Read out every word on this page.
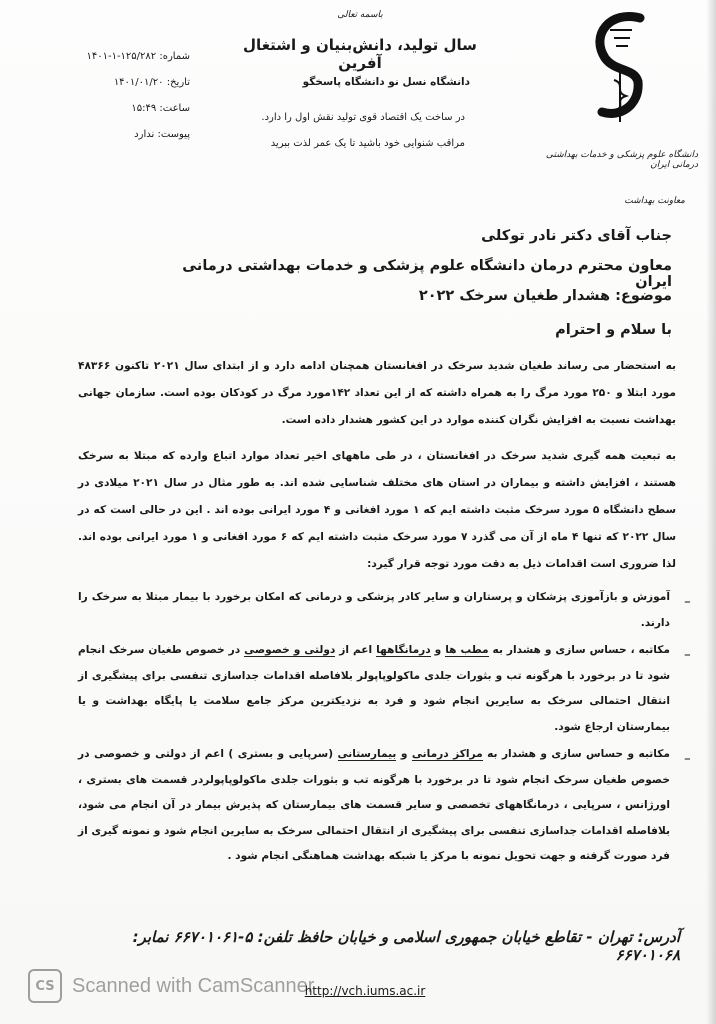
باسمه تعالی
سال تولید، دانش‌بنیان و اشتغال آفرین
دانشگاه نسل نو دانشگاه پاسخگو
در ساخت یک اقتصاد قوی تولید نقش اول را دارد.
مراقب شنوایی خود باشید تا یک عمر لذت ببرید
شماره: ۱۴۰۱-۱-۱۲۵/۲۸۲
تاریخ: ۱۴۰۱/۰۱/۲۰
ساعت: ۱۵:۴۹
پیوست: ندارد
دانشگاه علوم پزشکی و خدمات بهداشتی درمانی ایران
معاونت بهداشت
جناب آقای دکتر نادر توکلی
معاون محترم درمان دانشگاه علوم پزشکی و خدمات بهداشتی درمانی ایران
موضوع: هشدار طغیان سرخک ۲۰۲۲
با سلام و احترام
به استحضار می رساند طغیان شدید سرخک در افغانستان همچنان ادامه دارد و از ابتدای سال ۲۰۲۱ تاکنون ۴۸۳۶۶ مورد ابتلا و ۲۵۰ مورد مرگ را به همراه داشته که از این تعداد ۱۴۲مورد مرگ در کودکان بوده است. سازمان جهانی بهداشت نسبت به افزایش نگران کننده موارد در این کشور هشدار داده است.
به تبعیت همه گیری شدید سرخک در افغانستان ، در طی ماههای اخیر تعداد موارد اتباع وارده که مبتلا به سرخک هستند ، افزایش داشته و بیماران در استان های مختلف شناسایی شده اند. به طور مثال در سال ۲۰۲۱ میلادی در سطح دانشگاه ۵ مورد سرخک مثبت داشته ایم که ۱ مورد افغانی و ۴ مورد ایرانی بوده اند . این در حالی است که در سال ۲۰۲۲ که تنها ۴ ماه از آن می گذرد ۷ مورد سرخک مثبت داشته ایم که ۶ مورد افغانی و ۱ مورد ایرانی بوده اند. لذا ضروری است اقدامات ذیل به دقت مورد توجه قرار گیرد:
_
آموزش و بازآموزی پزشکان و پرستاران و سایر کادر پزشکی و درمانی که امکان برخورد با بیمار مبتلا به سرخک را دارند.
_
مکاتبه ، حساس سازی و هشدار به مطب ها و درمانگاهها اعم از دولتی و خصوصی در خصوص طغیان سرخک انجام شود تا در برخورد با هرگونه تب و بثورات جلدی ماکولوپاپولر بلافاصله اقدامات جداسازی تنفسی برای پیشگیری از انتقال احتمالی سرخک به سایرین انجام شود و فرد به نزدیکترین مرکز جامع سلامت یا پایگاه بهداشت و یا بیمارستان ارجاع شود.
_
مکاتبه و حساس سازی و هشدار به مراکز درمانی و بیمارستانی (سرپایی و بستری ) اعم از دولتی و خصوصی در خصوص طغیان سرخک انجام شود تا در برخورد با هرگونه تب و بثورات جلدی ماکولوپاپولردر قسمت های بستری ، اورژانس ، سرپایی ، درمانگاههای تخصصی و سایر قسمت های بیمارستان که پذیرش بیمار در آن انجام می شود، بلافاصله اقدامات جداسازی تنفسی برای پیشگیری از انتقال احتمالی سرخک به سایرین انجام شود و نمونه گیری از فرد صورت گرفته و جهت تحویل نمونه با مرکز یا شبکه بهداشت هماهنگی انجام شود .
آدرس: تهران - تقاطع خیابان جمهوری اسلامی و خیابان حافظ تلفن: ۵-۶۶۷۰۱۰۶۱ نمابر: ۶۶۷۰۱۰۶۸
http://vch.iums.ac.ir
CS Scanned with CamScanner
